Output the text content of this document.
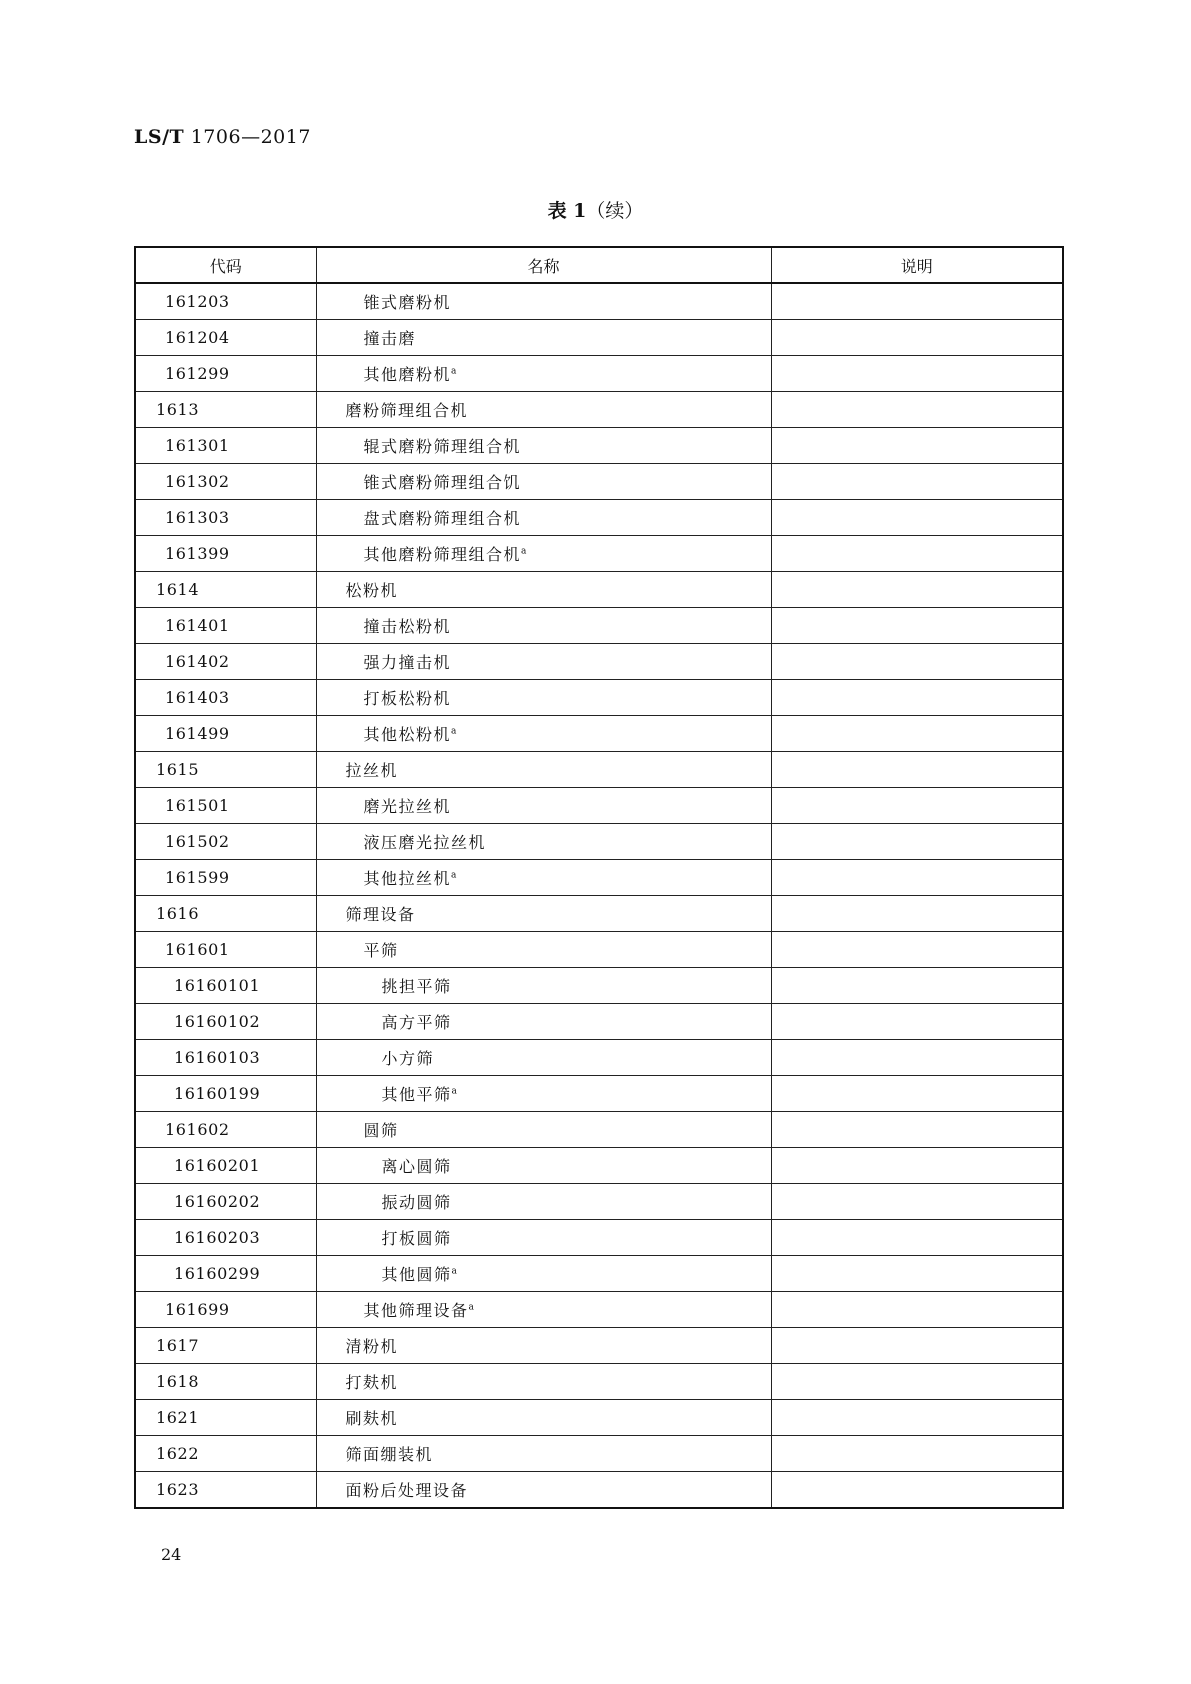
LS/T 1706—2017
表 1（续）
代码	名称	说明
161203	锥式磨粉机	
161204	撞击磨	
161299	其他磨粉机$^a$	
1613	磨粉筛理组合机	
161301	辊式磨粉筛理组合机	
161302	锥式磨粉筛理组合饥	
161303	盘式磨粉筛理组合机	
161399	其他磨粉筛理组合机$^a$	
1614	松粉机	
161401	撞击松粉机	
161402	强力撞击机	
161403	打板松粉机	
161499	其他松粉机$^a$	
1615	拉丝机	
161501	磨光拉丝机	
161502	液压磨光拉丝机	
161599	其他拉丝机$^a$	
1616	筛理设备	
161601	平筛	
16160101	挑担平筛	
16160102	高方平筛	
16160103	小方筛	
16160199	其他平筛$^a$	
161602	圆筛	
16160201	离心圆筛	
16160202	振动圆筛	
16160203	打板圆筛	
16160299	其他圆筛$^a$	
161699	其他筛理设备$^a$	
1617	清粉机	
1618	打麸机	
1621	刷麸机	
1622	筛面绷装机	
1623	面粉后处理设备	
24
